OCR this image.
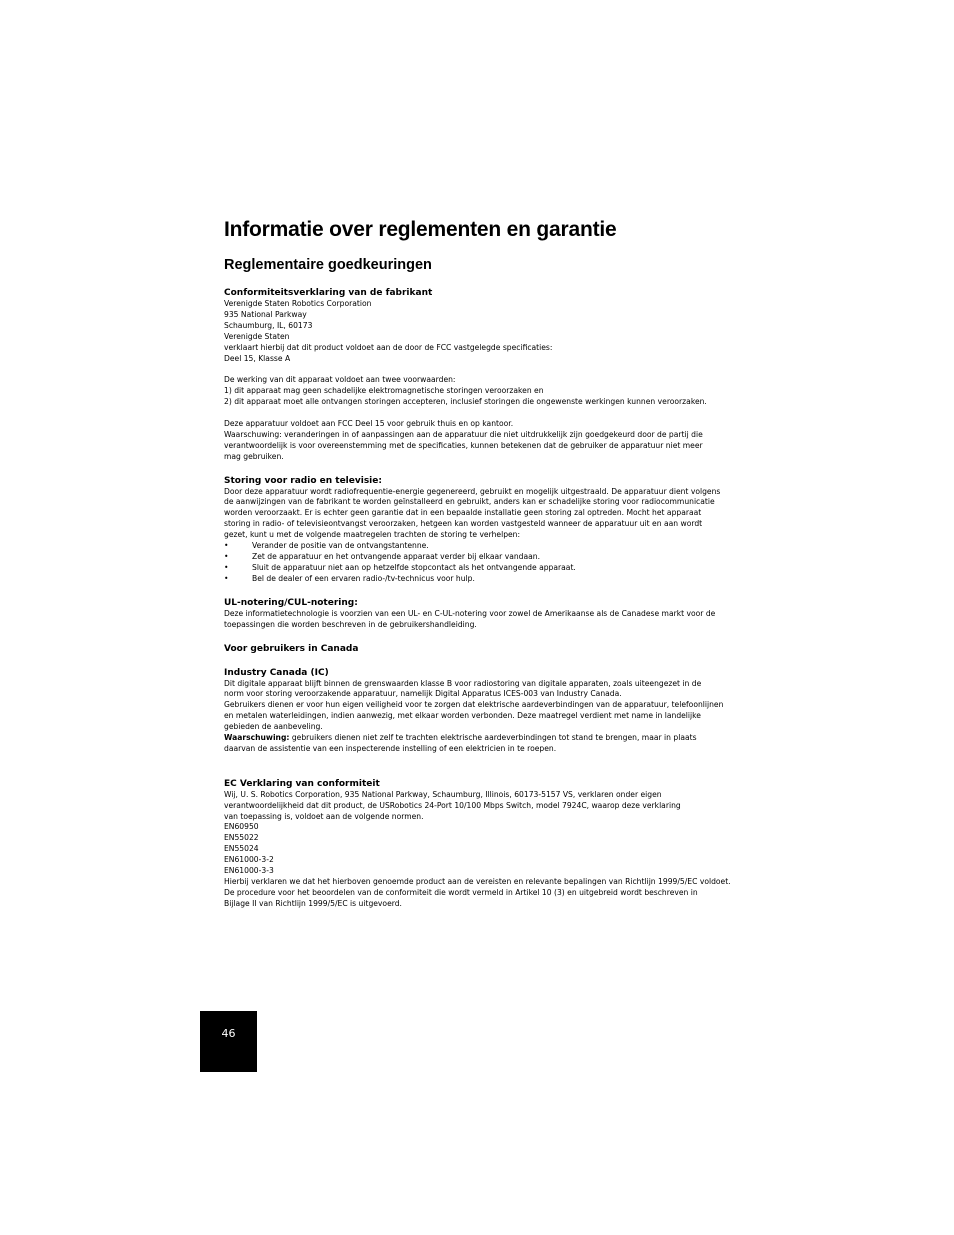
Informatie over reglementen en garantie
Reglementaire goedkeuringen
Conformiteitsverklaring van de fabrikant
Verenigde Staten Robotics Corporation
935 National Parkway
Schaumburg, IL, 60173
Verenigde Staten
verklaart hierbij dat dit product voldoet aan de door de FCC vastgelegde specificaties:
Deel 15, Klasse A
De werking van dit apparaat voldoet aan twee voorwaarden:
1) dit apparaat mag geen schadelijke elektromagnetische storingen veroorzaken en
2) dit apparaat moet alle ontvangen storingen accepteren, inclusief storingen die ongewenste werkingen kunnen veroorzaken.
Deze apparatuur voldoet aan FCC Deel 15 voor gebruik thuis en op kantoor.
Waarschuwing: veranderingen in of aanpassingen aan de apparatuur die niet uitdrukkelijk zijn goedgekeurd door de partij die
verantwoordelijk is voor overeenstemming met de specificaties, kunnen betekenen dat de gebruiker de apparatuur niet meer
mag gebruiken.
Storing voor radio en televisie:
Door deze apparatuur wordt radiofrequentie-energie gegenereerd, gebruikt en mogelijk uitgestraald. De apparatuur dient volgens
de aanwijzingen van de fabrikant te worden geïnstalleerd en gebruikt, anders kan er schadelijke storing voor radiocommunicatie
worden veroorzaakt. Er is echter geen garantie dat in een bepaalde installatie geen storing zal optreden. Mocht het apparaat
storing in radio- of televisieontvangst veroorzaken, hetgeen kan worden vastgesteld wanneer de apparatuur uit en aan wordt
gezet, kunt u met de volgende maatregelen trachten de storing te verhelpen:
•	Verander de positie van de ontvangstantenne.
•	Zet de apparatuur en het ontvangende apparaat verder bij elkaar vandaan.
•	Sluit de apparatuur niet aan op hetzelfde stopcontact als het ontvangende apparaat.
•	Bel de dealer of een ervaren radio-/tv-technicus voor hulp.
UL-notering/CUL-notering:
Deze informatietechnologie is voorzien van een UL- en C-UL-notering voor zowel de Amerikaanse als de Canadese markt voor de
toepassingen die worden beschreven in de gebruikershandleiding.
Voor gebruikers in Canada
Industry Canada (IC)
Dit digitale apparaat blijft binnen de grenswaarden klasse B voor radiostoring van digitale apparaten, zoals uiteengezet in de
norm voor storing veroorzakende apparatuur, namelijk Digital Apparatus ICES-003 van Industry Canada.
Gebruikers dienen er voor hun eigen veiligheid voor te zorgen dat elektrische aardeverbindingen van de apparatuur, telefoonlijnen
en metalen waterleidingen, indien aanwezig, met elkaar worden verbonden. Deze maatregel verdient met name in landelijke
gebieden de aanbeveling.
Waarschuwing: gebruikers dienen niet zelf te trachten elektrische aardeverbindingen tot stand te brengen, maar in plaats
daarvan de assistentie van een inspecterende instelling of een elektricien in te roepen.
EC Verklaring van conformiteit
Wij, U. S. Robotics Corporation, 935 National Parkway, Schaumburg, Illinois, 60173-5157 VS, verklaren onder eigen
verantwoordelijkheid dat dit product, de USRobotics 24-Port 10/100 Mbps Switch, model 7924C, waarop deze verklaring
van toepassing is, voldoet aan de volgende normen.
EN60950
EN55022
EN55024
EN61000-3-2
EN61000-3-3
Hierbij verklaren we dat het hierboven genoemde product aan de vereisten en relevante bepalingen van Richtlijn 1999/5/EC voldoet.
De procedure voor het beoordelen van de conformiteit die wordt vermeld in Artikel 10 (3) en uitgebreid wordt beschreven in
Bijlage II van Richtlijn 1999/5/EC is uitgevoerd.
46
